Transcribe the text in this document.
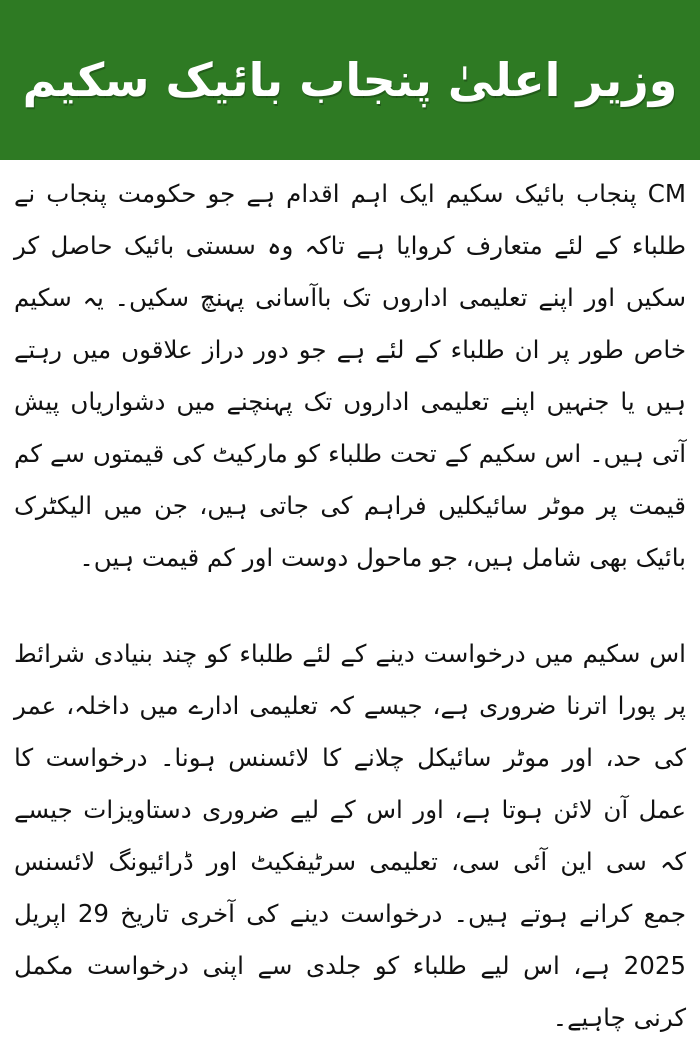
وزیر اعلیٰ پنجاب بائیک سکیم

CM پنجاب بائیک سکیم ایک اہم اقدام ہے جو حکومت پنجاب نے طلباء کے لئے متعارف کروایا ہے تاکہ وہ سستی بائیک حاصل کر سکیں اور اپنے تعلیمی اداروں تک باآسانی پہنچ سکیں۔ یہ سکیم خاص طور پر ان طلباء کے لئے ہے جو دور دراز علاقوں میں رہتے ہیں یا جنہیں اپنے تعلیمی اداروں تک پہنچنے میں دشواریاں پیش آتی ہیں۔ اس سکیم کے تحت طلباء کو مارکیٹ کی قیمتوں سے کم قیمت پر موٹر سائیکلیں فراہم کی جاتی ہیں، جن میں الیکٹرک بائیک بھی شامل ہیں، جو ماحول دوست اور کم قیمت ہیں۔

اس سکیم میں درخواست دینے کے لئے طلباء کو چند بنیادی شرائط پر پورا اترنا ضروری ہے، جیسے کہ تعلیمی ادارے میں داخلہ، عمر کی حد، اور موٹر سائیکل چلانے کا لائسنس ہونا۔ درخواست کا عمل آن لائن ہوتا ہے، اور اس کے لیے ضروری دستاویزات جیسے کہ سی این آئی سی، تعلیمی سرٹیفکیٹ اور ڈرائیونگ لائسنس جمع کرانے ہوتے ہیں۔ درخواست دینے کی آخری تاریخ 29 اپریل 2025 ہے، اس لیے طلباء کو جلدی سے اپنی درخواست مکمل کرنی چاہیے۔
